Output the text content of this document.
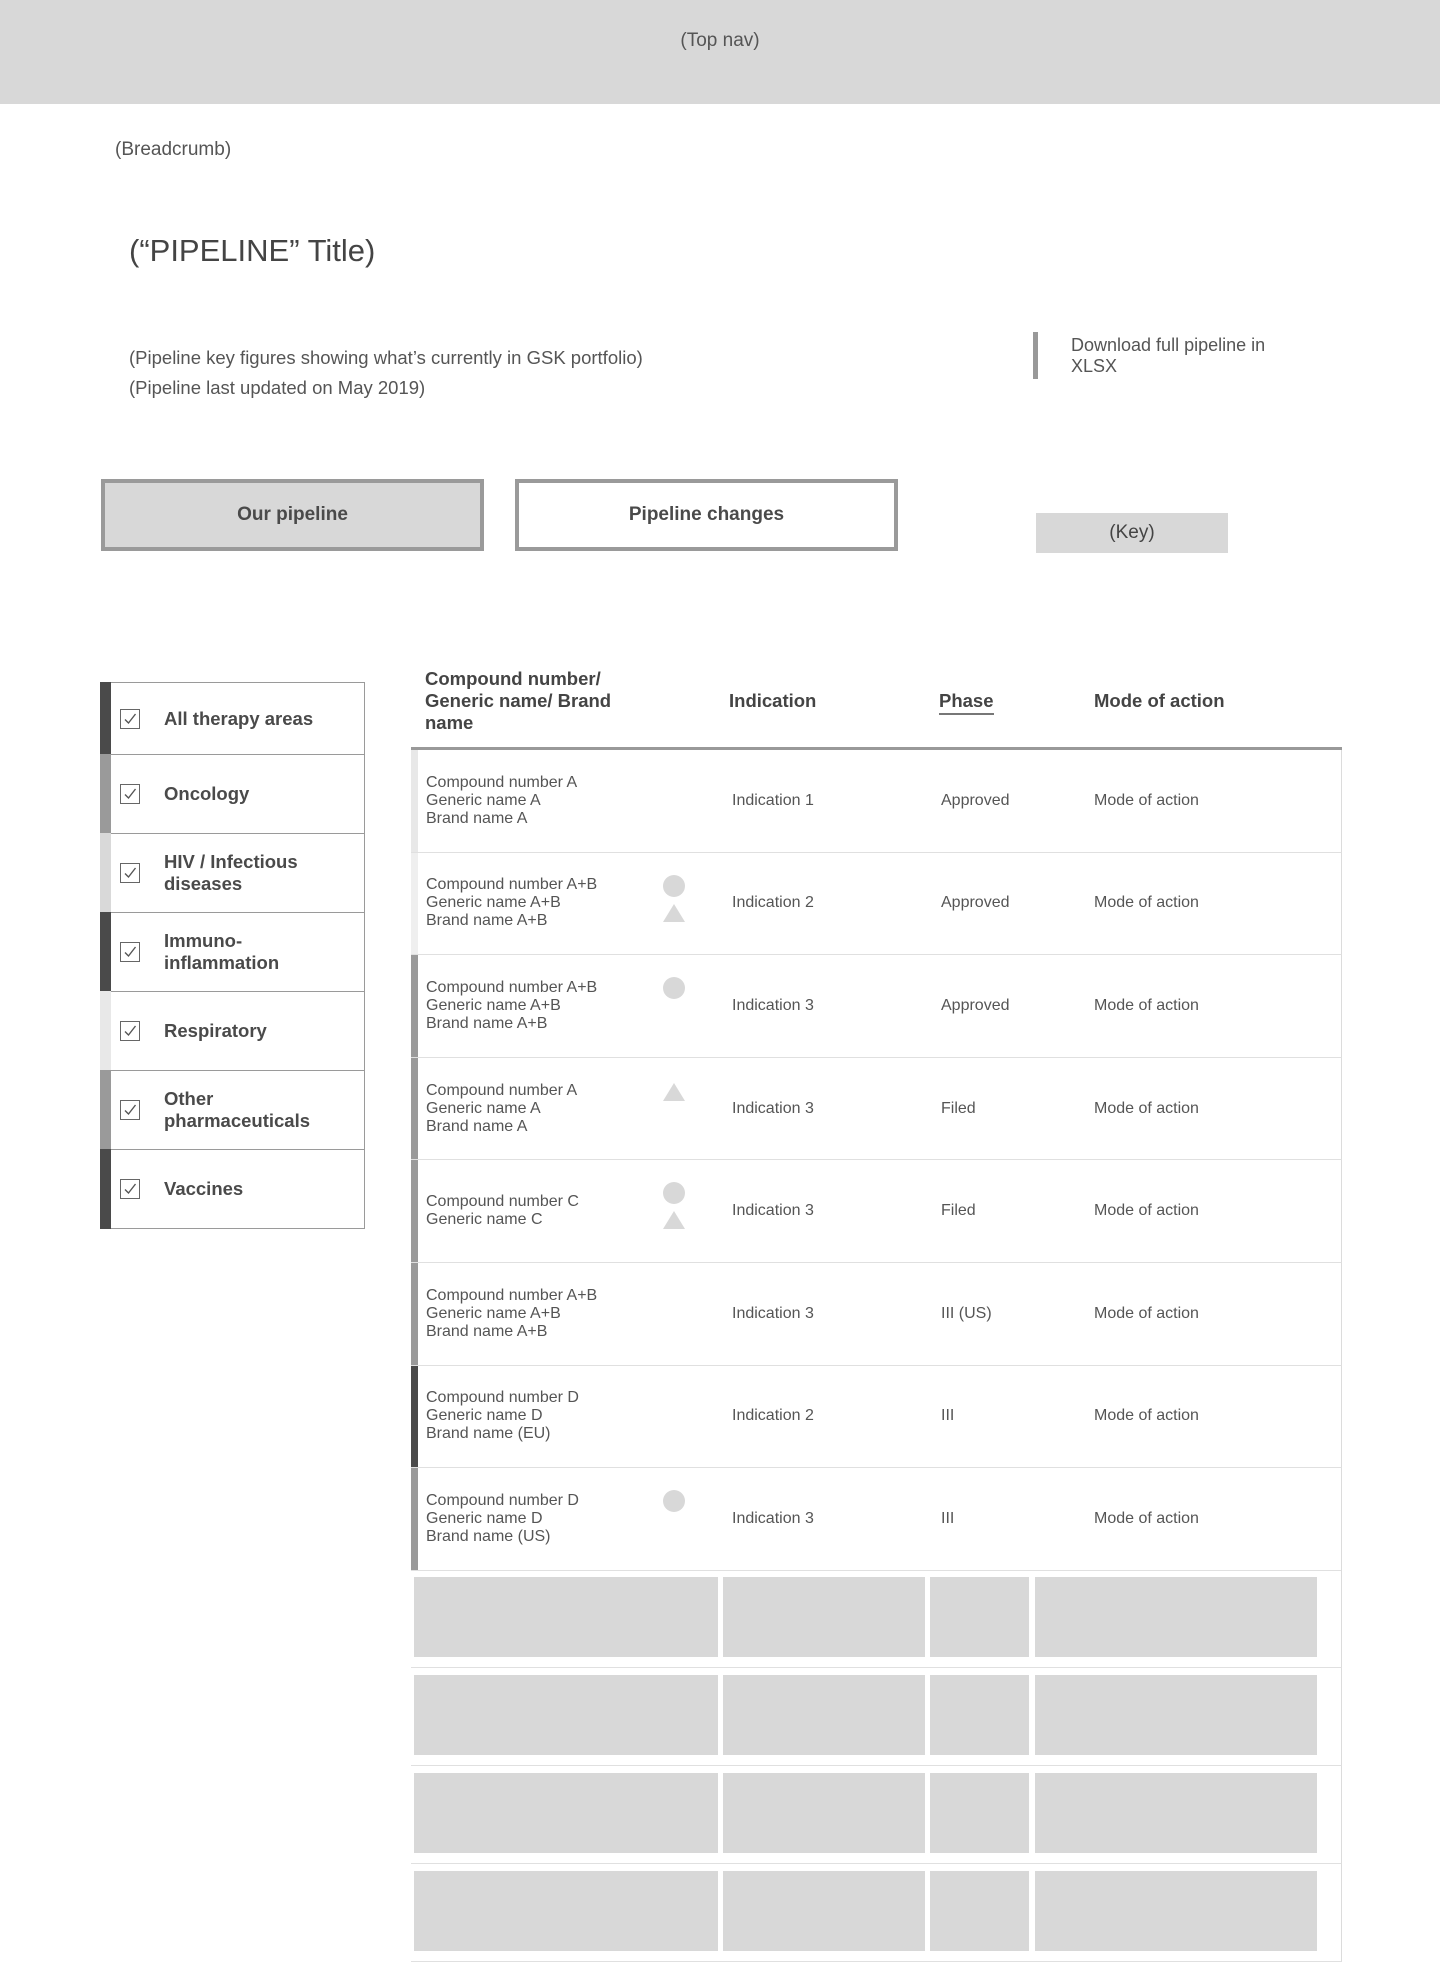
(Top nav)
(Breadcrumb)
(“PIPELINE” Title)
(Pipeline key figures showing what’s currently in GSK portfolio)
(Pipeline last updated on May 2019)
Download full pipeline in XLSX
Our pipeline	Pipeline changes
(Key)
All therapy areas
Oncology
HIV / Infectious diseases
Immuno-inflammation
Respiratory
Other pharmaceuticals
Vaccines
Compound number/ Generic name/ Brand name
Indication	Phase	Mode of action
Compound number A
Generic name A
Brand name A
Indication 1	Approved	Mode of action
Compound number A+B
Generic name A+B
Brand name A+B
Indication 2	Approved	Mode of action
Compound number A+B
Generic name A+B
Brand name A+B
Indication 3	Approved	Mode of action
Compound number A
Generic name A
Brand name A
Indication 3	Filed	Mode of action
Compound number C
Generic name C
Indication 3	Filed	Mode of action
Compound number A+B
Generic name A+B
Brand name A+B
Indication 3	III (US)	Mode of action
Compound number D
Generic name D
Brand name (EU)
Indication 2	III	Mode of action
Compound number D
Generic name D
Brand name (US)
Indication 3	III	Mode of action
